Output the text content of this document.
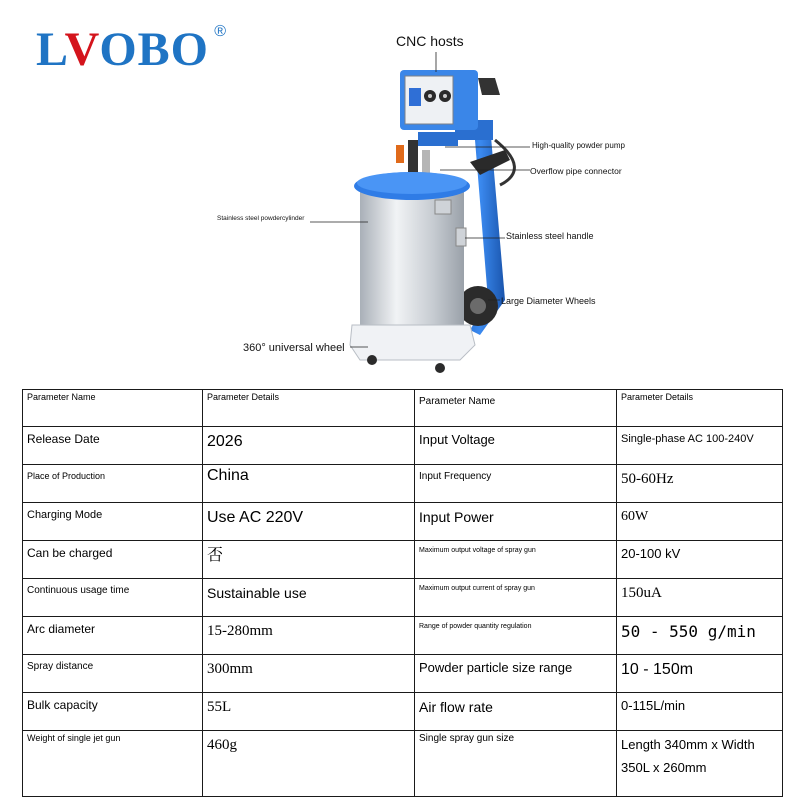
LVOBO ®
CNC hosts
High-quality powder pump
Overflow pipe connector
Stainless steel powdercylinder
Stainless steel handle
Large Diameter Wheels
360° universal wheel
Parameter Name	Parameter Details	Parameter Name	Parameter Details
Release Date	2026	Input Voltage	Single-phase AC 100-240V
Place of Production	China	Input Frequency	50-60Hz
Charging Mode	Use AC 220V	Input Power	60W
Can be charged	否	Maximum output voltage of spray gun	20-100 kV
Continuous usage time	Sustainable use	Maximum output current of spray gun	150uA
Arc diameter	15-280mm	Range of powder quantity regulation	50 - 550 g/min
Spray distance	300mm	Powder particle size range	10 - 150m
Bulk capacity	55L	Air flow rate	0-115L/min
Weight of single jet gun	460g	Single spray gun size	Length 340mm x Width 350L x 260mm
